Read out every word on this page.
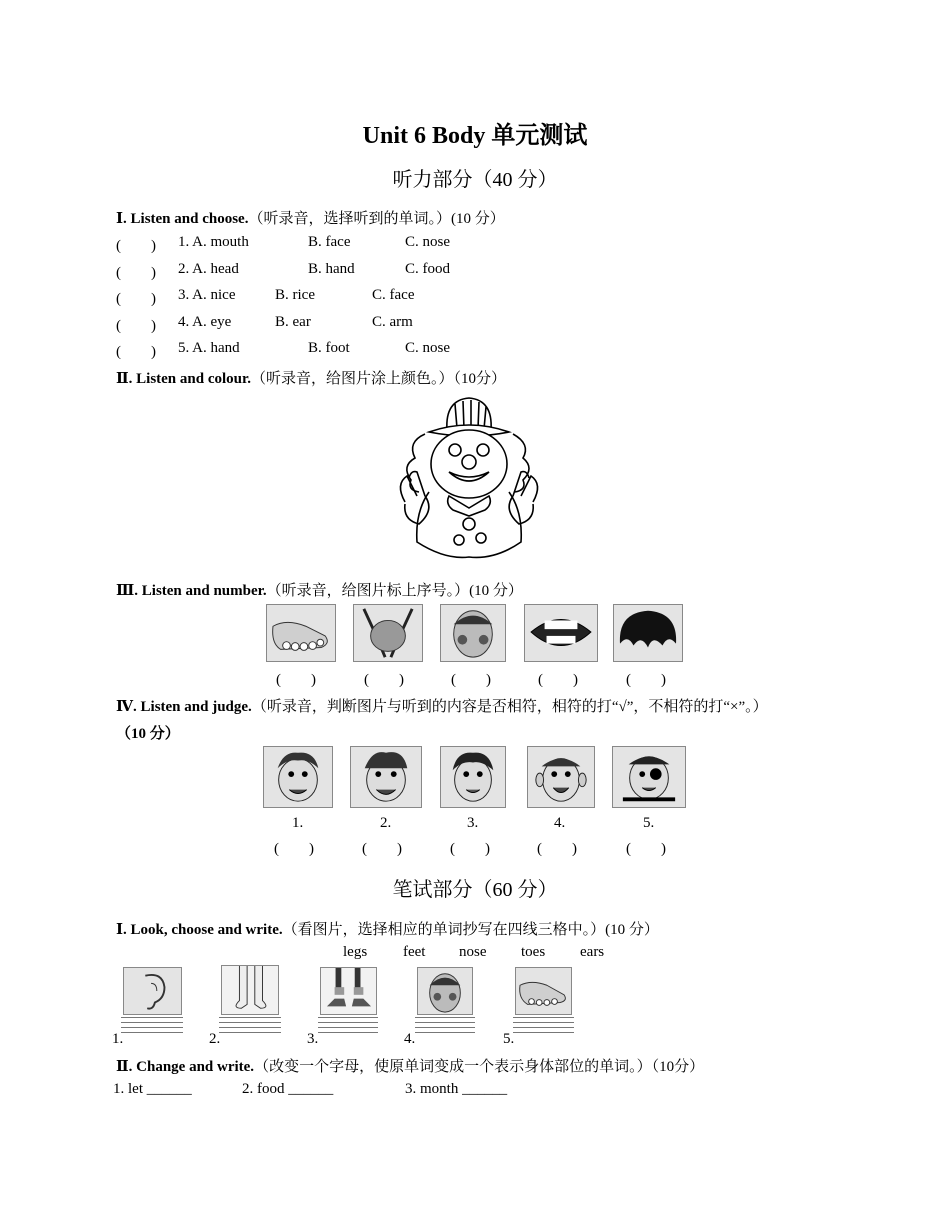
Unit 6 Body 单元测试
听力部分（40 分）
Ⅰ. Listen and choose.（听录音，选择听到的单词。）(10 分）
(　　) 1. A. mouth	B. face	C. nose
(　　) 2. A. head	B. hand	C. food
(　　) 3. A. nice	B. rice	C. face
(　　) 4. A. eye	B. ear	C. arm
(　　) 5. A. hand	B. foot	C. nose
Ⅱ. Listen and colour.（听录音，给图片涂上颜色。）（10分）
Ⅲ. Listen and number.（听录音，给图片标上序号。）(10 分）
(　　)	(　　)	(　　)	(　　)	(　　)
Ⅳ. Listen and judge.（听录音，判断图片与听到的内容是否相符，相符的打“√”，不相符的打“×”。）
（10 分）
1.	2.	3.	4.	5.
(　　)	(　　)	(　　)	(　　)	(　　)
笔试部分（60 分）
Ⅰ. Look, choose and write.（看图片，选择相应的单词抄写在四线三格中。）(10 分）
legs feet nose toes ears
1.	2.	3.	4.	5.
Ⅱ. Change and write.（改变一个字母，使原单词变成一个表示身体部位的单词。）（10分）
1. let ______	2. food ______	3. month ______
